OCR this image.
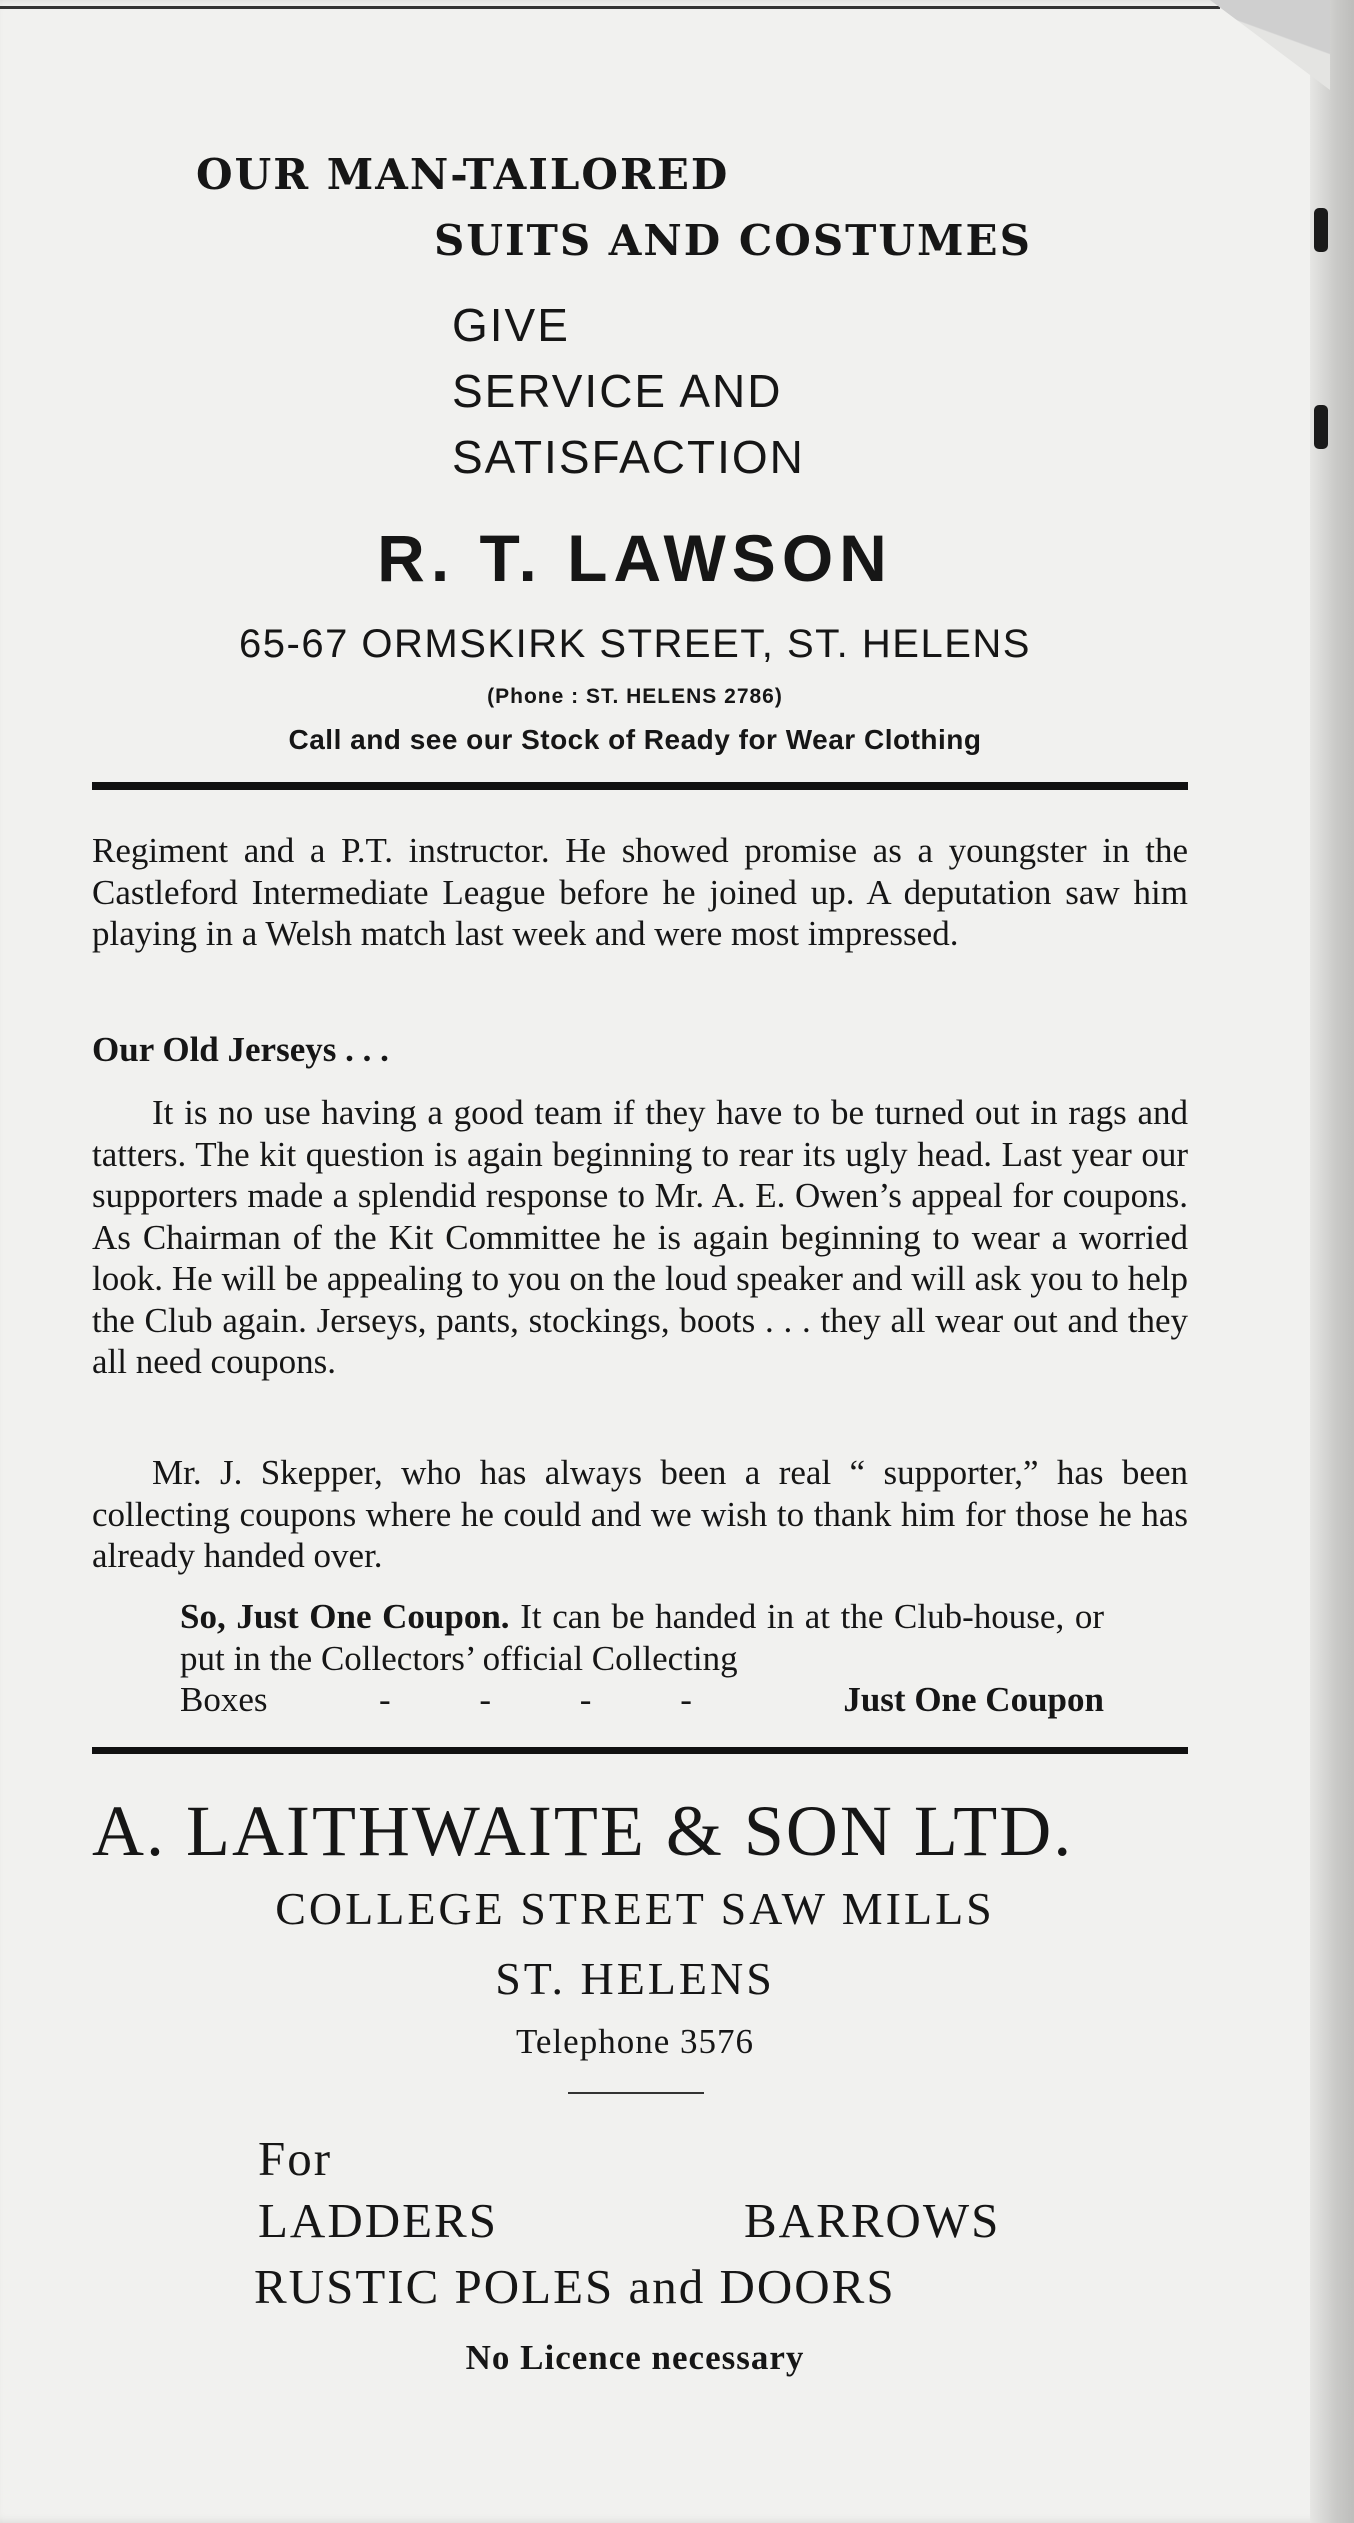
OUR MAN-TAILORED
SUITS AND COSTUMES
GIVE
SERVICE AND
SATISFACTION
R. T. LAWSON
65-67 ORMSKIRK STREET, ST. HELENS
(Phone : ST. HELENS 2786)
Call and see our Stock of Ready for Wear Clothing

Regiment and a P.T. instructor. He showed promise as a youngster in the Castleford Intermediate League before he joined up. A deputation saw him playing in a Welsh match last week and were most impressed.

Our Old Jerseys . . .

It is no use having a good team if they have to be turned out in rags and tatters. The kit question is again beginning to rear its ugly head. Last year our supporters made a splendid response to Mr. A. E. Owen’s appeal for coupons. As Chairman of the Kit Committee he is again beginning to wear a worried look. He will be appealing to you on the loud speaker and will ask you to help the Club again. Jerseys, pants, stockings, boots . . . they all wear out and they all need coupons.

Mr. J. Skepper, who has always been a real “ supporter,” has been collecting coupons where he could and we wish to thank him for those he has already handed over.

So, Just One Coupon. It can be handed in at the Club-house, or put in the Collectors’ official Collecting

Boxes	- - - -	Just One Coupon

A. LAITHWAITE & SON LTD.
COLLEGE STREET SAW MILLS
ST. HELENS
Telephone 3576
For
LADDERS	BARROWS
RUSTIC POLES and DOORS
No Licence necessary
